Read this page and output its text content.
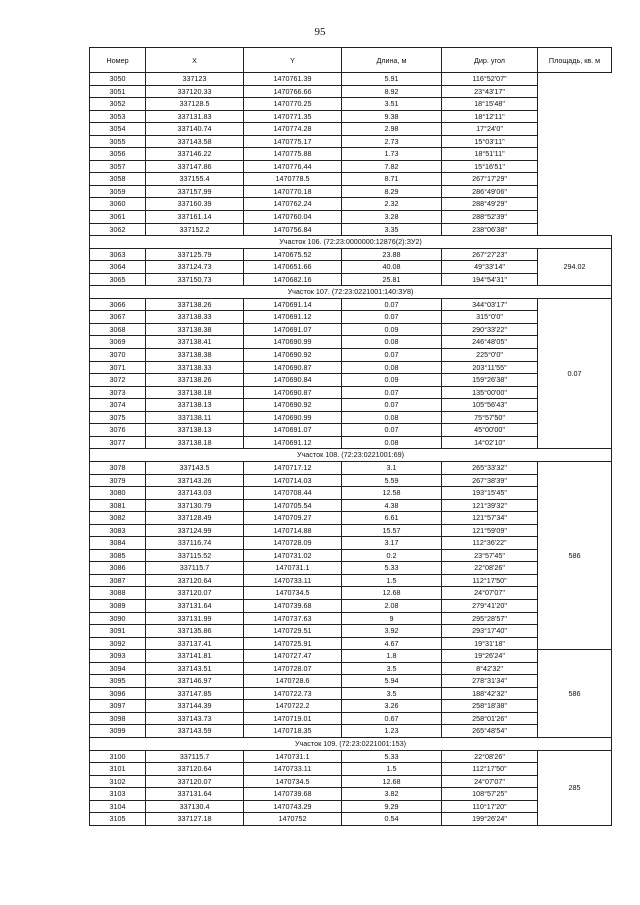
95
Номер	X	Y	Длина, м	Дир. угол	Площадь, кв. м
3050	337123	1470761.39	5.91	116°52'07"	
3051	337120.33	1470766.66	8.92	23°43'17"	
3052	337128.5	1470770.25	3.51	18°15'48"	
3053	337131.83	1470771.35	9.38	18°12'11"	
3054	337140.74	1470774.28	2.98	17°24'0"	
3055	337143.58	1470775.17	2.73	15°03'11"	
3056	337146.22	1470775.88	1.73	18°51'11"	
3057	337147.86	1470776.44	7.82	15°16'51"	
3058	337155.4	1470778.5	8.71	267°17'29"	
3059	337157.99	1470770.18	8.29	286°49'06"	
3060	337160.39	1470762.24	2.32	288°49'29"	
3061	337161.14	1470760.04	3.28	288°52'39"	
3062	337152.2	1470756.84	3.35	238°06'38"	
Участок 106. (72:23:0000000:12876(2):ЗУ2)					
3063	337125.79	1470675.52	23.88	267°27'23"	294.02
3064	337124.73	1470651.66	40.08	49°33'14"	
3065	337150.73	1470682.16	25.81	194°54'31"	
Участок 107. (72:23:0221001:140:ЗУ8)					
3066	337138.26	1470691.14	0.07	344°03'17"	0.07
3067	337138.33	1470691.12	0.07	315°0'0"	
3068	337138.38	1470691.07	0.09	290°33'22"	
3069	337138.41	1470690.99	0.08	246°48'05"	
3070	337138.38	1470690.92	0.07	225°0'0"	
3071	337138.33	1470690.87	0.08	203°11'55"	
3072	337138.26	1470690.84	0.09	159°26'38"	
3073	337138.18	1470690.87	0.07	135°00'00"	
3074	337138.13	1470690.92	0.07	105°56'43"	
3075	337138.11	1470690.99	0.08	75°57'50"	
3076	337138.13	1470691.07	0.07	45°00'00"	
3077	337138.18	1470691.12	0.08	14°02'10"	
Участок 108. (72:23:0221001:69)					
3078	337143.5	1470717.12	3.1	265°33'32"	586
3079	337143.26	1470714.03	5.59	267°38'39"	
3080	337143.03	1470708.44	12.58	193°15'45"	
3081	337130.79	1470705.54	4.38	121°39'32"	
3082	337128.49	1470709.27	6.61	121°57'34"	
3083	337124.99	1470714.88	15.57	121°59'09"	
3084	337116.74	1470728.09	3.17	112°36'22"	
3085	337115.52	1470731.02	0.2	23°57'45"	
3086	337115.7	1470731.1	5.33	22°08'26"	
3087	337120.64	1470733.11	1.5	112°17'50"	
3088	337120.07	1470734.5	12.68	24°07'07"	
3089	337131.64	1470739.68	2.08	279°41'20"	
3090	337131.99	1470737.63	9	295°28'57"	
3091	337135.86	1470729.51	3.92	293°17'40"	
3092	337137.41	1470725.91	4.67	19°31'18"	
3093	337141.81	1470727.47	1.8	19°26'24"	586
3094	337143.51	1470728.07	3.5	8°42'32"	
3095	337146.97	1470728.6	5.94	278°31'34"	
3096	337147.85	1470722.73	3.5	188°42'32"	
3097	337144.39	1470722.2	3.26	258°18'38"	
3098	337143.73	1470719.01	0.67	258°01'26"	
3099	337143.59	1470718.35	1.23	265°48'54"	
Участок 109. (72:23:0221001:153)					
3100	337115.7	1470731.1	5.33	22°08'26"	285
3101	337120.64	1470733.11	1.5	112°17'50"	
3102	337120.07	1470734.5	12.68	24°07'07"	
3103	337131.64	1470739.68	3.82	108°57'25"	
3104	337130.4	1470743.29	9.29	110°17'20"	
3105	337127.18	1470752	0.54	199°26'24"	
